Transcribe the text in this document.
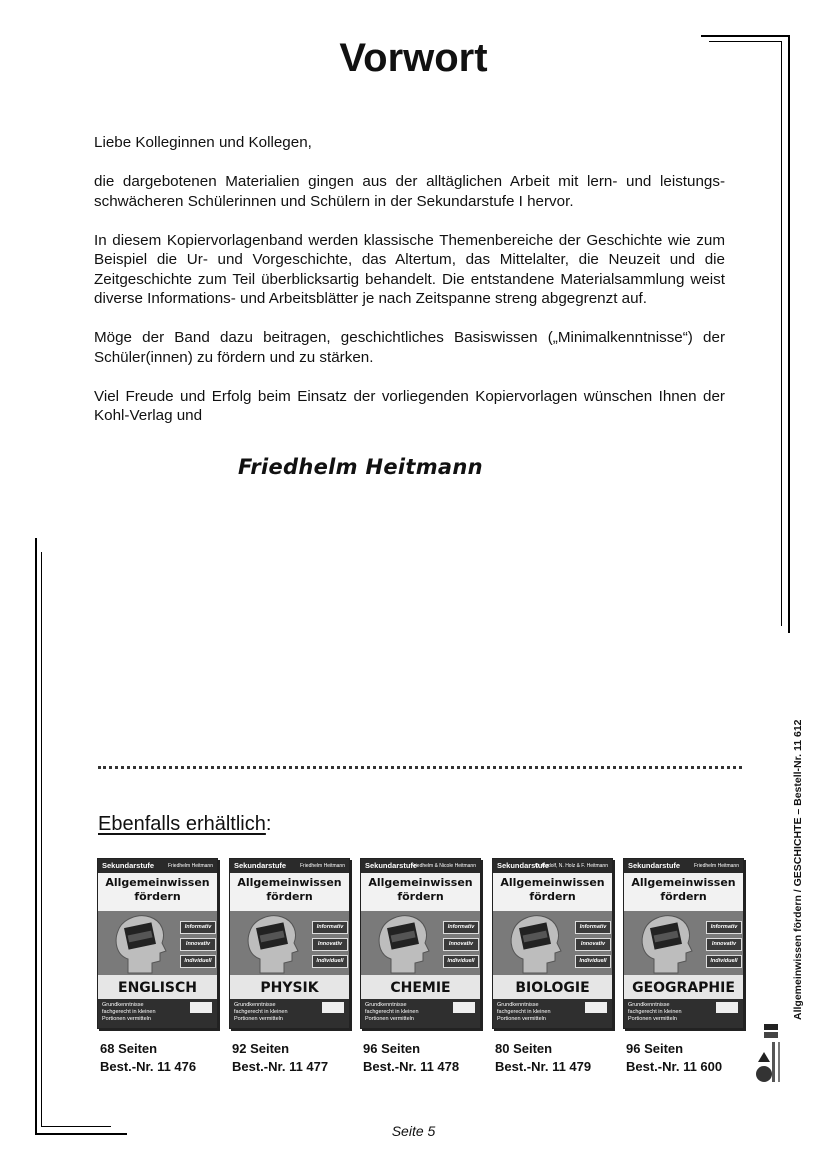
Vorwort

Liebe Kolleginnen und Kollegen,

die dargebotenen Materialien gingen aus der alltäglichen Arbeit mit lern- und leistungs-schwächeren Schülerinnen und Schülern in der Sekundarstufe I hervor.

In diesem Kopiervorlagenband werden klassische Themenbereiche der Geschichte wie zum Beispiel die Ur- und Vorgeschichte, das Altertum, das Mittelalter, die Neuzeit und die Zeitgeschichte zum Teil überblicksartig behandelt. Die entstandene Materialsammlung weist diverse Informations- und Arbeitsblätter je nach Zeitspanne streng abgegrenzt auf.

Möge der Band dazu beitragen, geschichtliches Basiswissen („Minimalkenntnisse“) der Schüler(innen) zu fördern und zu stärken.

Viel Freude und Erfolg beim Einsatz der vorliegenden Kopiervorlagen wünschen Ihnen der Kohl-Verlag und

Friedhelm Heitmann
Ebenfalls erhältlich:
Sekundarstufe	Friedhelm Heitmann
Allgemeinwissen
fördern
Informativ
Innovativ
Individuell
ENGLISCH
Grundkenntnisse
fachgerecht in kleinen
Portionen vermitteln
Sekundarstufe	Friedhelm Heitmann
Allgemeinwissen
fördern
Informativ
Innovativ
Individuell
PHYSIK
Grundkenntnisse
fachgerecht in kleinen
Portionen vermitteln
Sekundarstufe
Friedhelm & Nicole Heitmann
Allgemeinwissen
fördern
Informativ
Innovativ
Individuell
CHEMIE
Grundkenntnisse
fachgerecht in kleinen
Portionen vermitteln
Sekundarstufe
O. Rudolf, N. Holz & F. Heitmann
Allgemeinwissen
fördern
Informativ
Innovativ
Individuell
BIOLOGIE
Grundkenntnisse
fachgerecht in kleinen
Portionen vermitteln
Sekundarstufe	Friedhelm Heitmann
Allgemeinwissen
fördern
Informativ
Innovativ
Individuell
GEOGRAPHIE
Grundkenntnisse
fachgerecht in kleinen
Portionen vermitteln	Allgemeinwissen fördern / GESCHICHTE – Bestell-Nr. 11 612
Seite 5
68 Seiten
Best.-Nr. 11 476
92 Seiten
Best.-Nr. 11 477
96 Seiten
Best.-Nr. 11 478
80 Seiten
Best.-Nr. 11 479
96 Seiten
Best.-Nr. 11 600
